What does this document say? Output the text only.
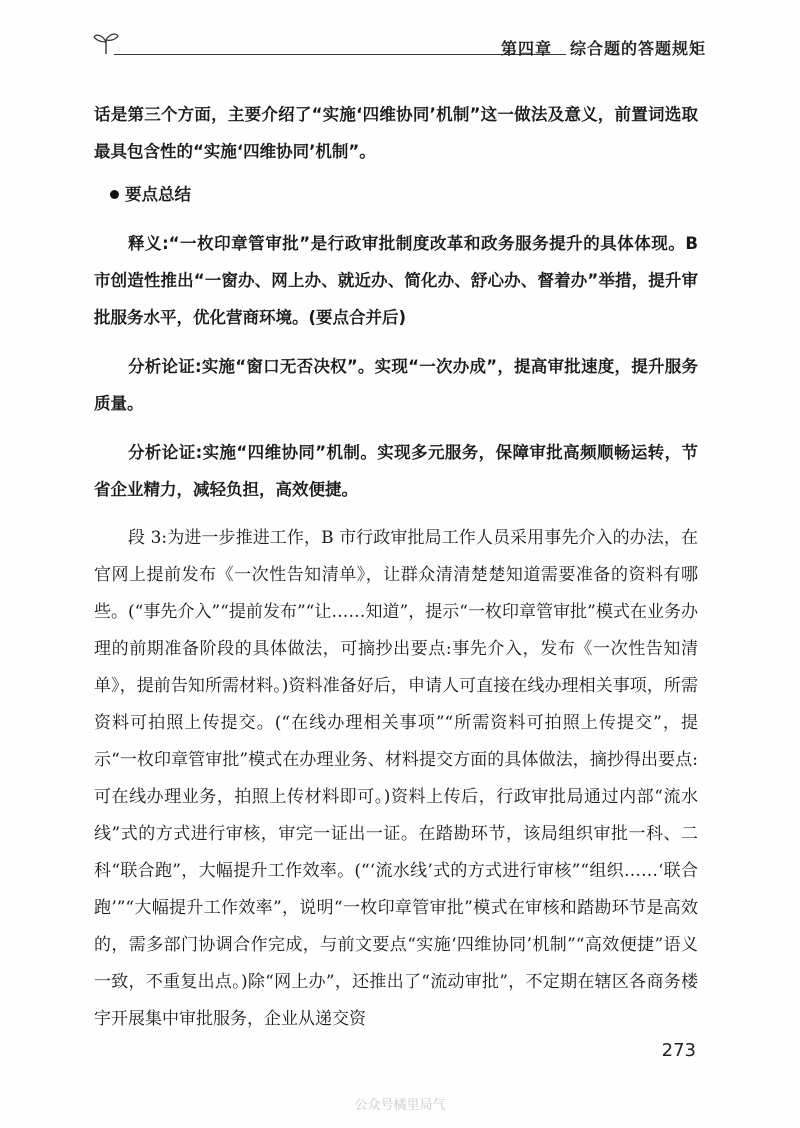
第四章 综合题的答题规矩

话是第三个方面，主要介绍了“实施‘四维协同’机制”这一做法及意义，前置词选取最具包含性的“实施‘四维协同’机制”。

要点总结

释义:“一枚印章管审批”是行政审批制度改革和政务服务提升的具体体现。B 市创造性推出“一窗办、网上办、就近办、简化办、舒心办、督着办”举措，提升审批服务水平，优化营商环境。(要点合并后)

分析论证:实施“窗口无否决权”。实现“一次办成”，提高审批速度，提升服务质量。

分析论证:实施“四维协同”机制。实现多元服务，保障审批高频顺畅运转，节省企业精力，减轻负担，高效便捷。

段 3:为进一步推进工作，B 市行政审批局工作人员采用事先介入的办法，在官网上提前发布《一次性告知清单》，让群众清清楚楚知道需要准备的资料有哪些。(“事先介入”“提前发布”“让……知道”，提示“一枚印章管审批”模式在业务办理的前期准备阶段的具体做法，可摘抄出要点:事先介入，发布《一次性告知清单》，提前告知所需材料。)资料准备好后，申请人可直接在线办理相关事项，所需资料可拍照上传提交。(“在线办理相关事项”“所需资料可拍照上传提交”，提示“一枚印章管审批”模式在办理业务、材料提交方面的具体做法，摘抄得出要点:可在线办理业务，拍照上传材料即可。)资料上传后，行政审批局通过内部“流水线”式的方式进行审核，审完一证出一证。在踏勘环节，该局组织审批一科、二科“联合跑”，大幅提升工作效率。(“‘流水线’式的方式进行审核”“组织……‘联合跑’”“大幅提升工作效率”，说明“一枚印章管审批”模式在审核和踏勘环节是高效的，需多部门协调合作完成，与前文要点“实施‘四维协同’机制”“高效便捷”语义一致，不重复出点。)除“网上办”，还推出了“流动审批”，不定期在辖区各商务楼宇开展集中审批服务，企业从递交资

273
公众号橘里局气
